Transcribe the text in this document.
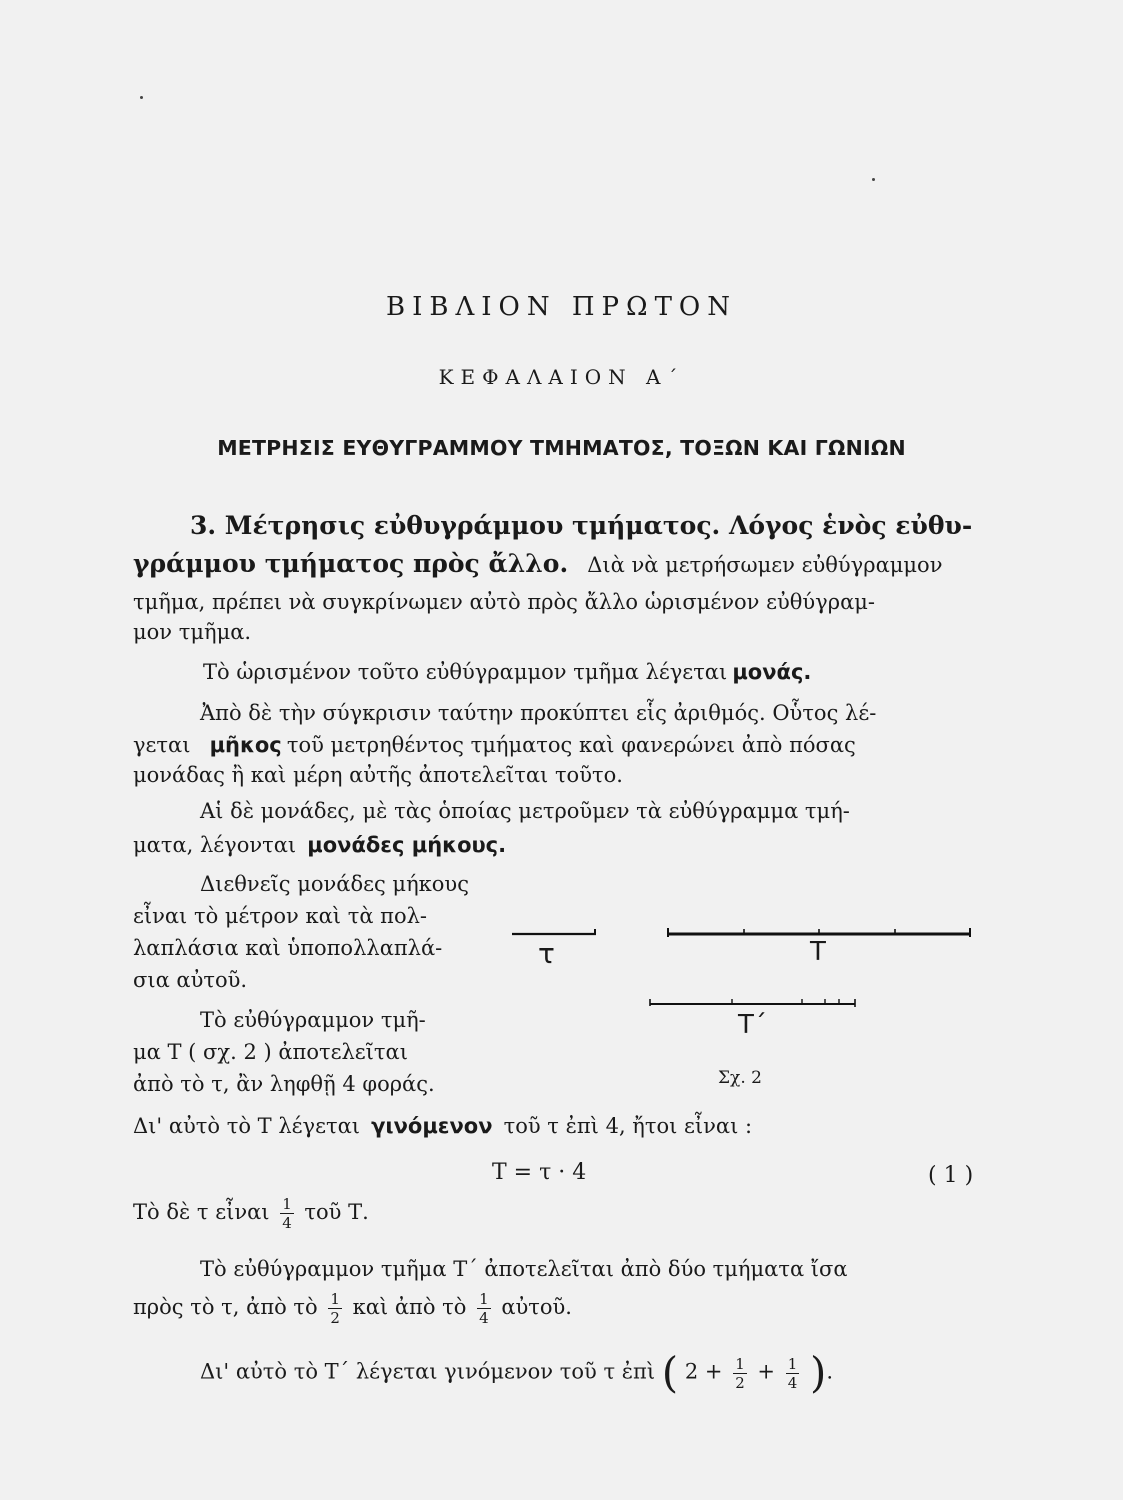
ΒΙΒΛΙΟΝ ΠΡΩΤΟΝ
ΚΕΦΑΛΑΙΟΝ Α΄
ΜΕΤΡΗΣΙΣ ΕΥΘΥΓΡΑΜΜΟΥ ΤΜΗΜΑΤΟΣ, ΤΟΞΩΝ ΚΑΙ ΓΩΝΙΩΝ
3. Μέτρησις εὐθυγράμμου τμήματος. Λόγος ἑνὸς εὐθυ-
γράμμου τμήματος πρὸς ἄλλο. Διὰ νὰ μετρήσωμεν εὐθύγραμμον
τμῆμα, πρέπει νὰ συγκρίνωμεν αὐτὸ πρὸς ἄλλο ὡρισμένον εὐθύγραμ-
μον τμῆμα.
Τὸ ὡρισμένον τοῦτο εὐθύγραμμον τμῆμα λέγεται μονάς.
Ἀπὸ δὲ τὴν σύγκρισιν ταύτην προκύπτει εἷς ἀριθμός. Οὗτος λέ-
γεται μῆκος τοῦ μετρηθέντος τμήματος καὶ φανερώνει ἀπὸ πόσας
μονάδας ἢ καὶ μέρη αὐτῆς ἀποτελεῖται τοῦτο.
Αἱ δὲ μονάδες, μὲ τὰς ὁποίας μετροῦμεν τὰ εὐθύγραμμα τμή-
ματα, λέγονται μονάδες μήκους.
Διεθνεῖς μονάδες μήκους
εἶναι τὸ μέτρον καὶ τὰ πολ-
λαπλάσια καὶ ὑποπολλαπλά-
σια αὐτοῦ.
Τὸ εὐθύγραμμον τμῆ-
μα Τ ( σχ. 2 ) ἀποτελεῖται
ἀπὸ τὸ τ, ἂν ληφθῇ 4 φοράς.
τ	Τ
Τ΄
Σχ. 2
Δι' αὐτὸ τὸ Τ λέγεται γινόμενον τοῦ τ ἐπὶ 4, ἤτοι εἶναι :
Τ = τ · 4	( 1 )
Τὸ δὲ τ εἶναι $\frac{1}{4}$ τοῦ Τ.
Τὸ εὐθύγραμμον τμῆμα Τ΄ ἀποτελεῖται ἀπὸ δύο τμήματα ἴσα
πρὸς τὸ τ, ἀπὸ τὸ $\frac{1}{2}$ καὶ ἀπὸ τὸ $\frac{1}{4}$ αὐτοῦ.
Δι' αὐτὸ τὸ Τ΄ λέγεται γινόμενον τοῦ τ ἐπὶ ( $2 + \frac{1}{2} + \frac{1}{4}$ ).
